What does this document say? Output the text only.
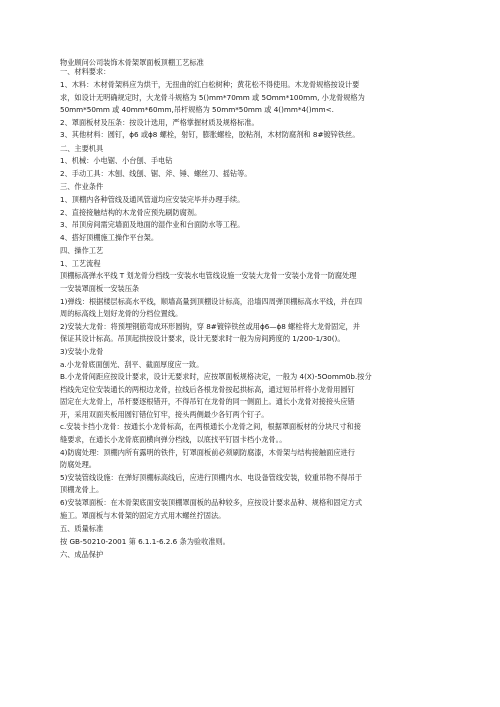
物业顾问公司装饰木骨架罩面板顶棚工艺标准
一、材料要求：
1、木料：木材骨架料应为烘干，无扭曲的红白松树种；黄花松不得使用。木龙骨规格按设计要
求，如设计无明确规定时，大龙骨斗规格为 5()mm*70mm 或 5Omm*100mm, 小龙骨规格为
50mm*50mm 或 40mm*60mm,吊杆规格为 50mm*50mm 或 4()mm*4()mm<.
2、罩面板材及压条：按设计选用，严格掌握材质及规格标准。
3、其他材料：圆钉，ɸ6 或ɸ8 螺栓，射钉，膨胀螺栓，胶粘剂，木材防腐剂和 8#镀锌铁丝。
二、主要机具
1、机械：小电锯、小台刨、手电钻
2、手动工具：木刨、线刨、锯、斧、锤、螺丝刀、摇钻等。
三、作业条件
1、顶棚内各种管线及通风管道均应安装完毕并办理手续。
2、直接接触结构的木龙骨应预先刷防腐剂。
3、吊顶房间需完墙面及地面的湿作业和台面防水等工程。
4、搭好顶棚施工操作平台架。
四、操作工艺
1、工艺流程
顶棚标高弹水平线 T 划龙骨分档线一安装水电管线设施一安装大龙骨一安装小龙骨一防腐处理
一安装罩面板一安装压条
1)弹线：根据楼层标高水平线，顺墙高量到顶棚设计标高，沿墙四周弹顶棚标高水平线，并在四
周的标高线上划好龙骨的分档位置线。
2)安装大龙骨：将预埋钢筋弯成环形圆钩，穿 8#镀锌铁丝或用ɸ6—ɸ8 螺栓将大龙骨固定，并
保证其设计标高。吊顶起拱按设计要求，设计无要求时一般为房间跨度的 1/200-1/30()。
3)安装小龙骨
a.小龙骨底面刨光、刮平、截面厚度应一致。
B.小龙骨间距应按设计要求，设计无要求时，应按罩面板规格决定，一般为 4(X)-5Oomm0b.按分
档线先定位安装通长的两根边龙骨，拉线后各根龙骨按起拱标高，通过短吊杆将小龙骨用圆钉
固定在大龙骨上，吊杆要逐根错开，不得吊钉在龙骨的同一侧面上。通长小龙骨对接接头应错
开，采用双面夹板用圆钉错位钉牢，接头两侧最少各钉两个钉子。
c.安装卡挡小龙骨：按通长小龙骨标高，在两根通长小龙骨之间，根据罩面板材的分块尺寸和接
缝要求，在通长小龙骨底面横向弹分档线，以底找平钉固卡档小龙骨。。
4)防腐处理：顶棚内所有露明的铁件，钉罩面板前必须刷防腐漆，木骨架与结构接触面应进行
防腐处理。
5)安装管线设施：在弹好顶棚标高线后，应进行顶棚内水、电设备管线安装，较重吊物不得吊于
顶棚龙骨上。
6)安装罩面板：在木骨架底面安装顶棚罩面板的品种较多，应按设计要求品种、规格和固定方式
施工。罩面板与木骨架的固定方式用木螺丝拧固法。
五、质量标准
按 GB-50210-2001 第 6.1.1-6.2.6 条为验收准则。
六、成品保护
